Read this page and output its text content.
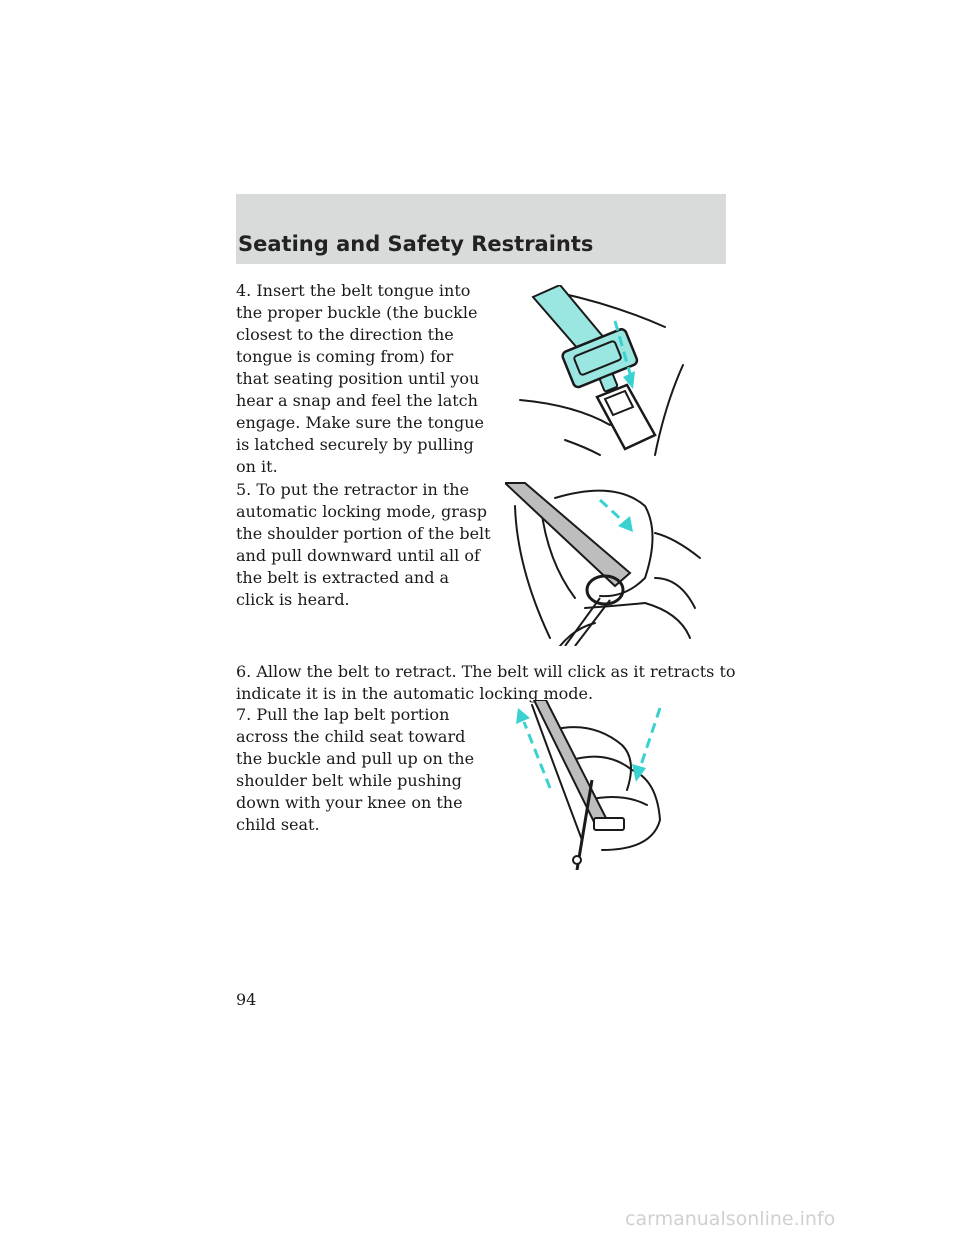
Seating and Safety Restraints

4. Insert the belt tongue into the proper buckle (the buckle closest to the direction the tongue is coming from) for that seating position until you hear a snap and feel the latch engage. Make sure the tongue is latched securely by pulling on it.

5. To put the retractor in the automatic locking mode, grasp the shoulder portion of the belt and pull downward until all of the belt is extracted and a click is heard.

6. Allow the belt to retract. The belt will click as it retracts to indicate it is in the automatic locking mode.

7. Pull the lap belt portion across the child seat toward the buckle and pull up on the shoulder belt while pushing down with your knee on the child seat.

94
carmanualsonline.info
